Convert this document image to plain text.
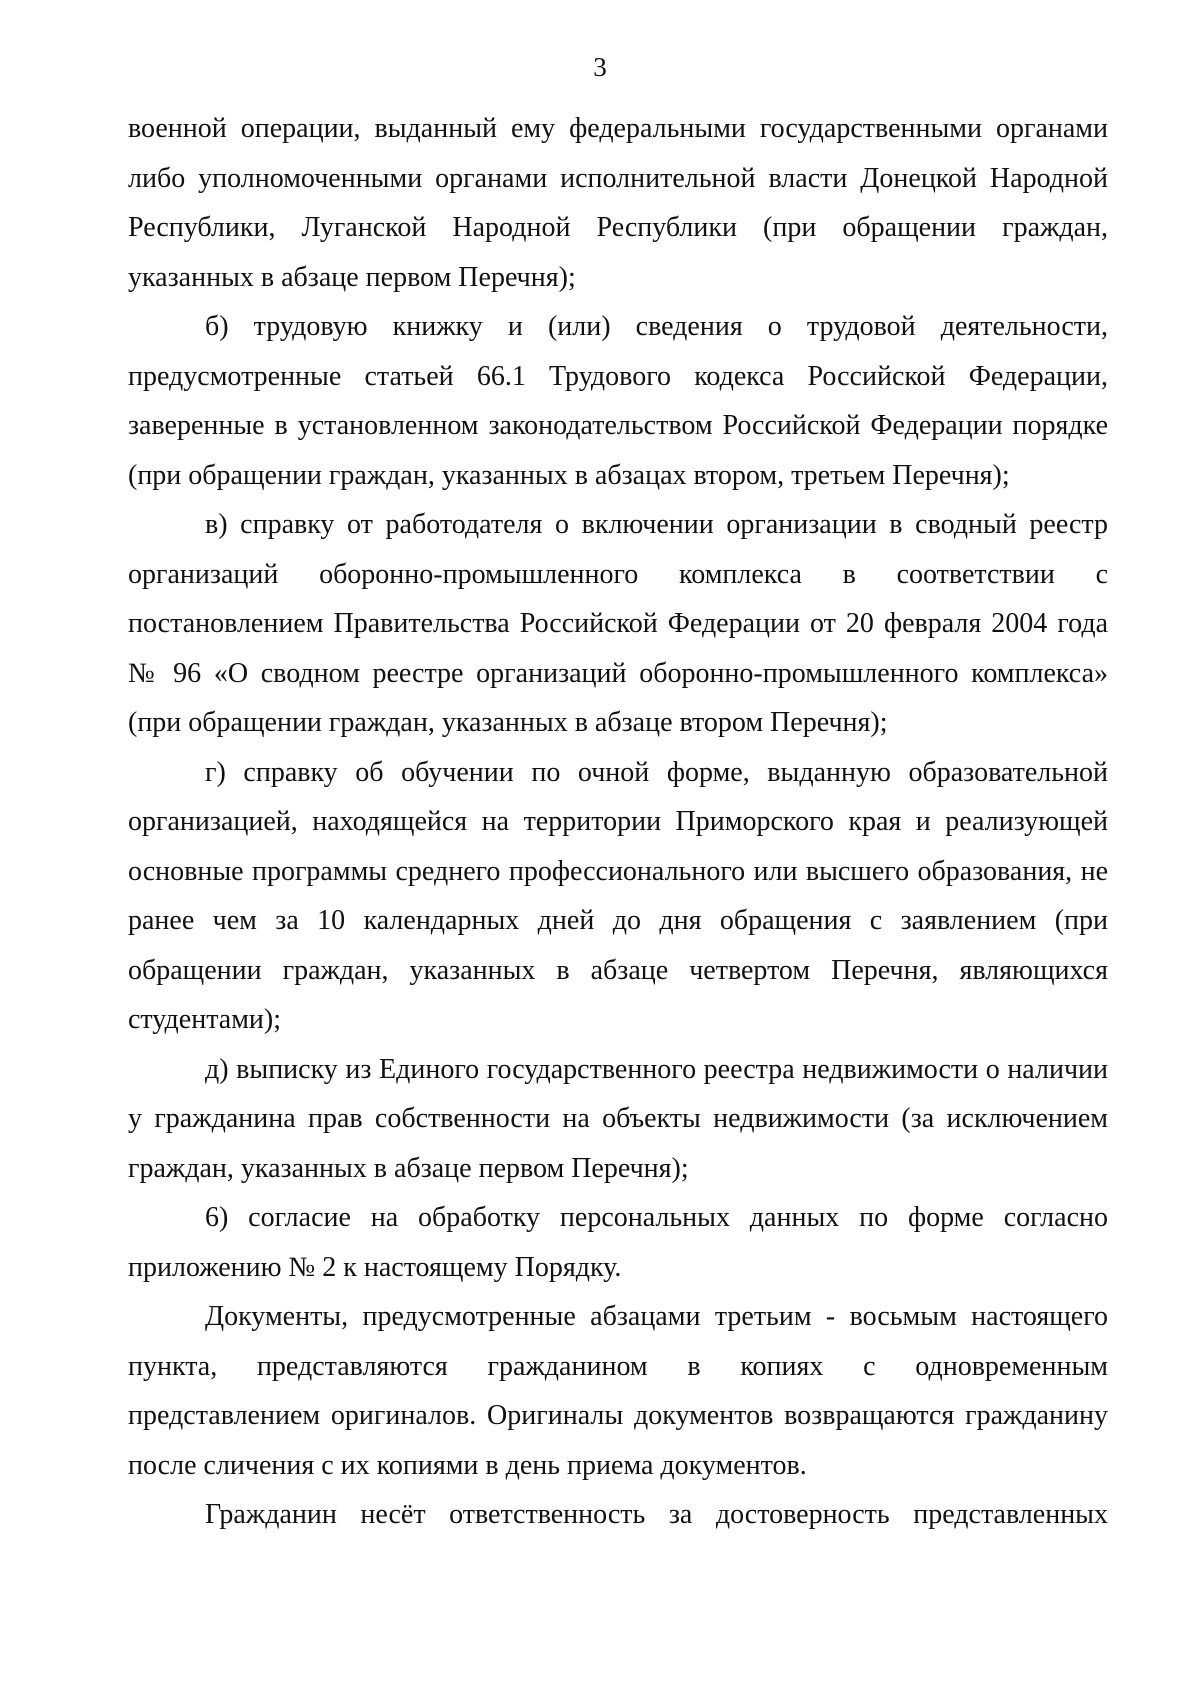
3

военной операции, выданный ему федеральными государственными органами либо уполномоченными органами исполнительной власти Донецкой Народной Республики, Луганской Народной Республики (при обращении граждан, указанных в абзаце первом Перечня);

б) трудовую книжку и (или) сведения о трудовой деятельности, предусмотренные статьей 66.1 Трудового кодекса Российской Федерации, заверенные в установленном законодательством Российской Федерации порядке (при обращении граждан, указанных в абзацах втором, третьем Перечня);

в) справку от работодателя о включении организации в сводный реестр организаций оборонно-промышленного комплекса в соответствии с постановлением Правительства Российской Федерации от 20 февраля 2004 года № 96 «О сводном реестре организаций оборонно-промышленного комплекса» (при обращении граждан, указанных в абзаце втором Перечня);

г) справку об обучении по очной форме, выданную образовательной организацией, находящейся на территории Приморского края и реализующей основные программы среднего профессионального или высшего образования, не ранее чем за 10 календарных дней до дня обращения с заявлением (при обращении граждан, указанных в абзаце четвертом Перечня, являющихся студентами);

д) выписку из Единого государственного реестра недвижимости о наличии у гражданина прав собственности на объекты недвижимости (за исключением граждан, указанных в абзаце первом Перечня);

6) согласие на обработку персональных данных по форме согласно приложению № 2 к настоящему Порядку.

Документы, предусмотренные абзацами третьим - восьмым настоящего пункта, представляются гражданином в копиях с одновременным представлением оригиналов. Оригиналы документов возвращаются гражданину после сличения с их копиями в день приема документов.

Гражданин несёт ответственность за достоверность представленных
